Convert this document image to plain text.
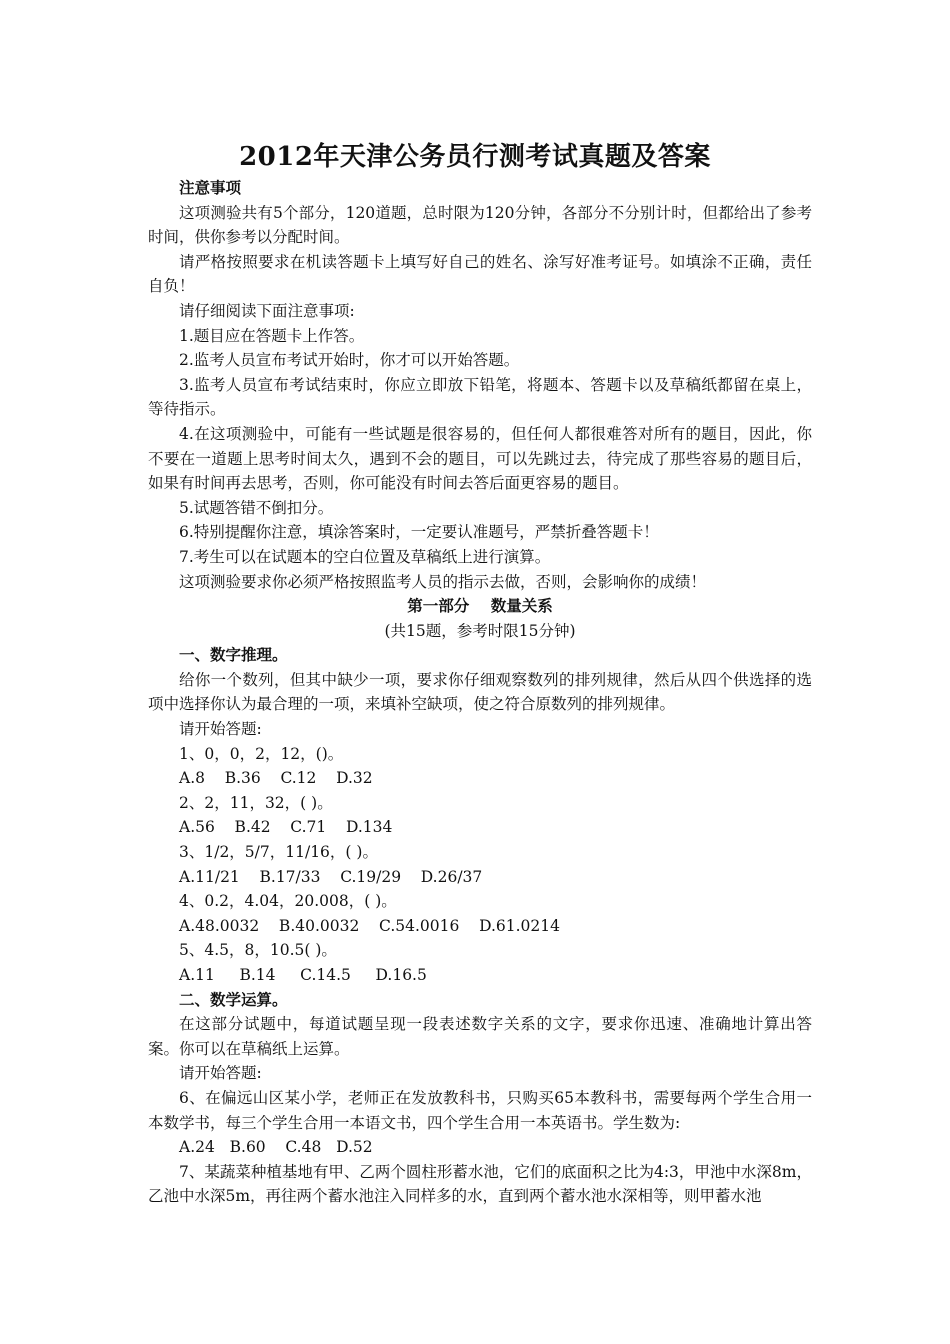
2012年天津公务员行测考试真题及答案

注意事项

这项测验共有5个部分，120道题，总时限为120分钟，各部分不分别计时，但都给出了参考时间，供你参考以分配时间。

请严格按照要求在机读答题卡上填写好自己的姓名、涂写好准考证号。如填涂不正确，责任自负！

请仔细阅读下面注意事项:

1.题目应在答题卡上作答。

2.监考人员宣布考试开始时，你才可以开始答题。

3.监考人员宣布考试结束时，你应立即放下铅笔，将题本、答题卡以及草稿纸都留在桌上，等待指示。

4.在这项测验中，可能有一些试题是很容易的，但任何人都很难答对所有的题目，因此，你不要在一道题上思考时间太久，遇到不会的题目，可以先跳过去，待完成了那些容易的题目后，如果有时间再去思考，否则，你可能没有时间去答后面更容易的题目。

5.试题答错不倒扣分。

6.特别提醒你注意，填涂答案时，一定要认准题号，严禁折叠答题卡！

7.考生可以在试题本的空白位置及草稿纸上进行演算。

这项测验要求你必须严格按照监考人员的指示去做，否则，会影响你的成绩！

第一部分    数量关系

(共15题，参考时限15分钟)

一、数字推理。

给你一个数列，但其中缺少一项，要求你仔细观察数列的排列规律，然后从四个供选择的选项中选择你认为最合理的一项，来填补空缺项，使之符合原数列的排列规律。

请开始答题:

1、0，0，2，12，()。

A.8    B.36    C.12    D.32

2、2，11，32，( )。

A.56    B.42    C.71    D.134

3、1/2，5/7，11/16，( )。

A.11/21    B.17/33    C.19/29    D.26/37

4、0.2，4.04，20.008，( )。

A.48.0032    B.40.0032    C.54.0016    D.61.0214

5、4.5，8，10.5( )。

A.11     B.14     C.14.5     D.16.5

二、数学运算。

在这部分试题中，每道试题呈现一段表述数字关系的文字，要求你迅速、准确地计算出答案。你可以在草稿纸上运算。

请开始答题:

6、在偏远山区某小学，老师正在发放教科书，只购买65本教科书，需要每两个学生合用一本数学书，每三个学生合用一本语文书，四个学生合用一本英语书。学生数为:

A.24   B.60    C.48   D.52

7、某蔬菜种植基地有甲、乙两个圆柱形蓄水池，它们的底面积之比为4:3，甲池中水深8m，乙池中水深5m，再往两个蓄水池注入同样多的水，直到两个蓄水池水深相等，则甲蓄水池
